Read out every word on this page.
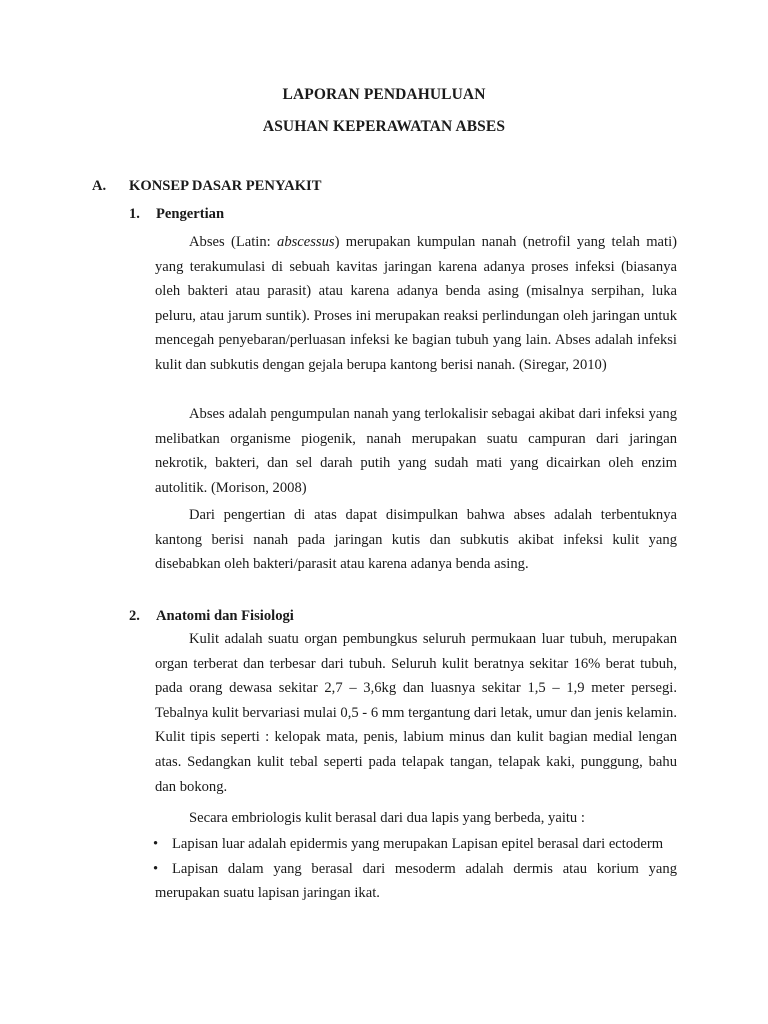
LAPORAN PENDAHULUAN
ASUHAN KEPERAWATAN ABSES
A. KONSEP DASAR PENYAKIT
1. Pengertian

Abses (Latin: abscessus) merupakan kumpulan nanah (netrofil yang telah mati) yang terakumulasi di sebuah kavitas jaringan karena adanya proses infeksi (biasanya oleh bakteri atau parasit) atau karena adanya benda asing (misalnya serpihan, luka peluru, atau jarum suntik). Proses ini merupakan reaksi perlindungan oleh jaringan untuk mencegah penyebaran/perluasan infeksi ke bagian tubuh yang lain. Abses adalah infeksi kulit dan subkutis dengan gejala berupa kantong berisi nanah. (Siregar, 2010)

Abses adalah pengumpulan nanah yang terlokalisir sebagai akibat dari infeksi yang melibatkan organisme piogenik, nanah merupakan suatu campuran dari jaringan nekrotik, bakteri, dan sel darah putih yang sudah mati yang dicairkan oleh enzim autolitik. (Morison, 2008)

Dari pengertian di atas dapat disimpulkan bahwa abses adalah terbentuknya kantong berisi nanah pada jaringan kutis dan subkutis akibat infeksi kulit yang disebabkan oleh bakteri/parasit atau karena adanya benda asing.

2. Anatomi dan Fisiologi

Kulit adalah suatu organ pembungkus seluruh permukaan luar tubuh, merupakan organ terberat dan terbesar dari tubuh. Seluruh kulit beratnya sekitar 16% berat tubuh, pada orang dewasa sekitar 2,7 – 3,6kg dan luasnya sekitar 1,5 – 1,9 meter persegi. Tebalnya kulit bervariasi mulai 0,5 - 6 mm tergantung dari letak, umur dan jenis kelamin. Kulit tipis seperti : kelopak mata, penis, labium minus dan kulit bagian medial lengan atas. Sedangkan kulit tebal seperti pada telapak tangan, telapak kaki, punggung, bahu dan bokong.

Secara embriologis kulit berasal dari dua lapis yang berbeda, yaitu :

• Lapisan luar adalah epidermis yang merupakan Lapisan epitel berasal dari ectoderm
• Lapisan dalam yang berasal dari mesoderm adalah dermis atau korium yang merupakan suatu lapisan jaringan ikat.
